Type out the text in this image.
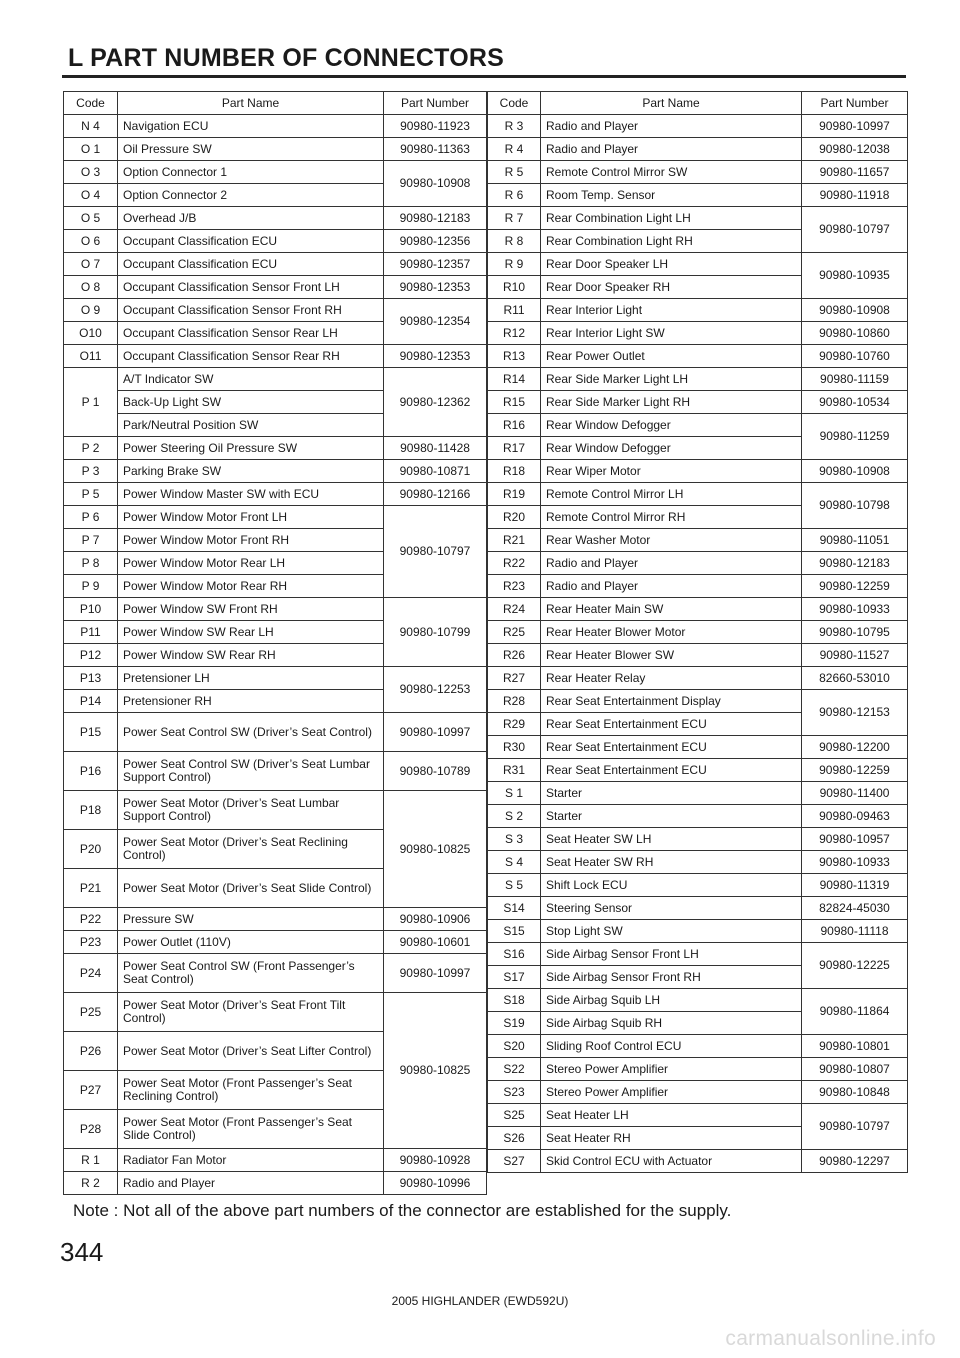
L PART NUMBER OF CONNECTORS
Code	Part Name	Part Number
N 4	Navigation ECU	90980-11923
O 1	Oil Pressure SW	90980-11363
O 3	Option Connector 1	90980-10908
O 4	Option Connector 2	
O 5	Overhead J/B	90980-12183
O 6	Occupant Classification ECU	90980-12356
O 7	Occupant Classification ECU	90980-12357
O 8	Occupant Classification Sensor Front LH	90980-12353
O 9	Occupant Classification Sensor Front RH	90980-12354
O10	Occupant Classification Sensor Rear LH	
O11	Occupant Classification Sensor Rear RH	90980-12353
P 1	A/T Indicator SW	90980-12362
	Back-Up Light SW	
	Park/Neutral Position SW	
P 2	Power Steering Oil Pressure SW	90980-11428
P 3	Parking Brake SW	90980-10871
P 5	Power Window Master SW with ECU	90980-12166
P 6	Power Window Motor Front LH	90980-10797
P 7	Power Window Motor Front RH	
P 8	Power Window Motor Rear LH	
P 9	Power Window Motor Rear RH	
P10	Power Window SW Front RH	90980-10799
P11	Power Window SW Rear LH	
P12	Power Window SW Rear RH	
P13	Pretensioner LH	90980-12253
P14	Pretensioner RH	
P15	Power Seat Control SW (Driver’s Seat Control)	90980-10997
P16	Power Seat Control SW (Driver’s Seat Lumbar Support Control)	90980-10789
P18	Power Seat Motor (Driver’s Seat Lumbar Support Control)	90980-10825
P20	Power Seat Motor (Driver’s Seat Reclining Control)	
P21	Power Seat Motor (Driver’s Seat Slide Control)	
P22	Pressure SW	90980-10906
P23	Power Outlet (110V)	90980-10601
P24	Power Seat Control SW (Front Passenger’s Seat Control)	90980-10997
P25	Power Seat Motor (Driver’s Seat Front Tilt Control)	90980-10825
P26	Power Seat Motor (Driver’s Seat Lifter Control)	
P27	Power Seat Motor (Front Passenger’s Seat Reclining Control)	
P28	Power Seat Motor (Front Passenger’s Seat Slide Control)	
R 1	Radiator Fan Motor	90980-10928
R 2	Radio and Player	90980-10996
Code	Part Name	Part Number
R 3	Radio and Player	90980-10997
R 4	Radio and Player	90980-12038
R 5	Remote Control Mirror SW	90980-11657
R 6	Room Temp. Sensor	90980-11918
R 7	Rear Combination Light LH	90980-10797
R 8	Rear Combination Light RH	
R 9	Rear Door Speaker LH	90980-10935
R10	Rear Door Speaker RH	
R11	Rear Interior Light	90980-10908
R12	Rear Interior Light SW	90980-10860
R13	Rear Power Outlet	90980-10760
R14	Rear Side Marker Light LH	90980-11159
R15	Rear Side Marker Light RH	90980-10534
R16	Rear Window Defogger	90980-11259
R17	Rear Window Defogger	
R18	Rear Wiper Motor	90980-10908
R19	Remote Control Mirror LH	90980-10798
R20	Remote Control Mirror RH	
R21	Rear Washer Motor	90980-11051
R22	Radio and Player	90980-12183
R23	Radio and Player	90980-12259
R24	Rear Heater Main SW	90980-10933
R25	Rear Heater Blower Motor	90980-10795
R26	Rear Heater Blower SW	90980-11527
R27	Rear Heater Relay	82660-53010
R28	Rear Seat Entertainment Display	90980-12153
R29	Rear Seat Entertainment ECU	
R30	Rear Seat Entertainment ECU	90980-12200
R31	Rear Seat Entertainment ECU	90980-12259
S 1	Starter	90980-11400
S 2	Starter	90980-09463
S 3	Seat Heater SW LH	90980-10957
S 4	Seat Heater SW RH	90980-10933
S 5	Shift Lock ECU	90980-11319
S14	Steering Sensor	82824-45030
S15	Stop Light SW	90980-11118
S16	Side Airbag Sensor Front LH	90980-12225
S17	Side Airbag Sensor Front RH	
S18	Side Airbag Squib LH	90980-11864
S19	Side Airbag Squib RH	
S20	Sliding Roof Control ECU	90980-10801
S22	Stereo Power Amplifier	90980-10807
S23	Stereo Power Amplifier	90980-10848
S25	Seat Heater LH	90980-10797
S26	Seat Heater RH	
S27	Skid Control ECU with Actuator	90980-12297
Note : Not all of the above part numbers of the connector are established for the supply.
344
2005 HIGHLANDER (EWD592U)
carmanualsonline.info
